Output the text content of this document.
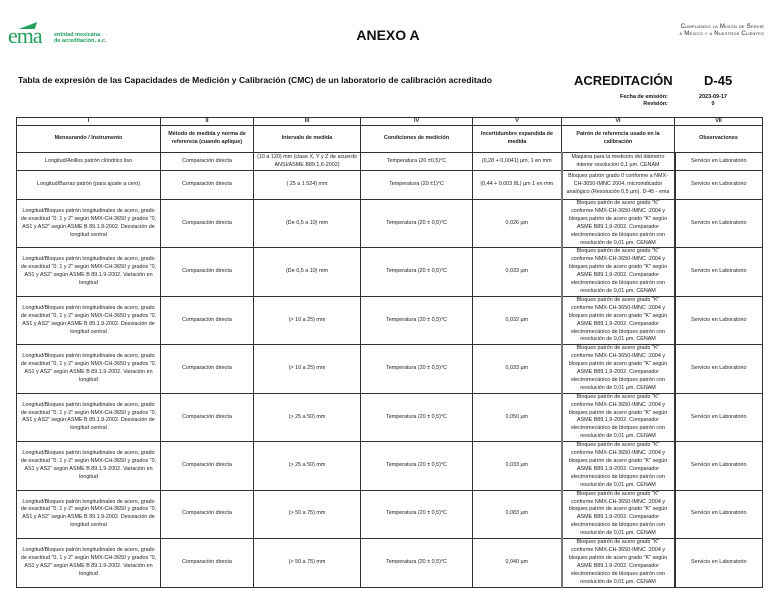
ema entidad mexicana
de acreditación, a.c.	ANEXO A	Cumpliendo la Misión de Servir
a México y a Nuestros Clientes
Tabla de expresión de las Capacidades de Medición y Calibración (CMC) de un laboratorio de calibración acreditado	ACREDITACIÓN D-45
Fecha de emisión:	2023-09-17
Revisión:	0
I	II	III	IV	V	VI	VII
Mensurando / Instrumento	Método de medida y norma de referencia (cuando aplique)	Intervalo de medida	Condiciones de medición	Incertidumbre expandida de medida	Patrón de referencia usado en la calibración	Observaciones
Longitud/Anillos patrón cilíndrico liso	Comparación directa	(10 a 120) mm (clase X, Y y Z de acuerdo ANSI/ASME B89.1.6-2002)	Temperatura (20 ±0,5)°C	(0,28 + 0,0041) µm, 1 en mm	Máquina para la medición del diámetro interior resolucion 0,1 µm. CENAM	Servicio en Laboratorio
Longitud/Barras patrón (para ajuste a cero)	Comparación directa	( 25 a 1 524) mm	Temperatura (20 ±1)°C	(0,44 + 0,003 8L) µm 1 en mm	Bloques patrón grado 0 conforme a NMX-CH-3650-IMNC 2004, microindicador analógico (Resolución 0,5 µm). D-45 - ema	Servicio en Laboratorio
Longitud/Bloques patrón longitudinales de acero, grado de exactitud "0, 1 y 2" según NMX-CH-3650 y grados "0, AS1 y AS2" según ASME B 89.1.9-2002. Desviación de longitud central	Comparación directa	(De 0,5 a 10) mm	Temperatura (20 ± 0,5)°C	0,026 µm	Bloques patrón de acero grado "K" conforme NMX-CH-3650-IMNC :2004 y bloques patrón de acero grado "K" según ASME B89.1.9-2002. Comparador electromecánico de bloques patrón con resolución de 0,01 µm. CENAM	Servicio en Laboratorio
Longitud/Bloques patrón longitudinales de acero, grado de exactitud "0, 1 y 2" según NMX-CH-3650 y grados "0, AS1 y AS2" según ASME B 89.1.9-2002. Variación en longitud	Comparación directa	(De 0,5 a 10) mm	Temperatura (20 ± 0,5)°C	0,033 µm	Bloques patrón de acero grado "K" conforme NMX-CH-3650-IMNC :2004 y bloques patrón de acero grado "K" según ASME B89.1.9-2002. Comparador electromecánico de bloques patrón con resolución de 0,01 µm. CENAM	Servicio en Laboratorio
Longitud/Bloques patrón longitudinales de acero, grado de exactitud "0, 1 y 2" según NMX-CH-3650 y grados "0, AS1 y AS2" según ASME B 89.1.9-2002. Desviación de longitud central	Comparación directa	(> 10 a 25) mm	Temperatura (20 ± 0,5)°C	0,032 µm	Bloques patrón de acero grado "K" conforme NMX-CH-3650-IMNC :2004 y bloques patrón de acero grado "K" según ASME B89.1.9-2002. Comparador electromecánico de bloques patrón con resolución de 0,01 µm. CENAM	Servicio en Laboratorio
Longitud/Bloques patrón longitudinales de acero, grado de exactitud "0, 1 y 2" según NMX-CH-3650 y grados "0, AS1 y AS2" según ASME B 89.1.9-2002. Variación en longitud	Comparación directa	(> 10 a 25) mm	Temperatura (20 ± 0,5)°C	0,033 µm	Bloques patrón de acero grado "K" conforme NMX-CH-3650-IMNC :2004 y bloques patrón de acero grado "K" según ASME B89.1.9-2002. Comparador electromecánico de bloques patrón con resolución de 0,01 µm. CENAM	Servicio en Laboratorio
Longitud/Bloques patrón longitudinales de acero, grado de exactitud "0, 1 y 2" según NMX-CH-3650 y grados "0, AS1 y AS2" según ASME B 89.1.9-2002. Desviación de longitud central	Comparación directa	(> 25 a 50) mm	Temperatura (20 ± 0,5)°C	0,050 µm	Bloques patrón de acero grado "K" conforme NMX-CH-3650-IMNC :2004 y bloques patrón de acero grado "K" según ASME B89.1.9-2002. Comparador electromecánico de bloques patrón con resolución de 0,01 µm. CENAM	Servicio en Laboratorio
Longitud/Bloques patrón longitudinales de acero, grado de exactitud "0, 1 y 2" según NMX-CH-3650 y grados "0, AS1 y AS2" según ASME B 89.1.9-2002. Variación en longitud	Comparación directa	(> 25 a 50) mm	Temperatura (20 ± 0,5)°C	0,033 µm	Bloques patrón de acero grado "K" conforme NMX-CH-3650-IMNC :2004 y bloques patrón de acero grado "K" según ASME B89.1.9-2002. Comparador electromecánico de bloques patrón con resolución de 0,01 µm. CENAM	Servicio en Laboratorio
Longitud/Bloques patrón longitudinales de acero, grado de exactitud "0, 1 y 2" según NMX-CH-3650 y grados "0, AS1 y AS2" según ASME B 89.1.9-2002. Desviación de longitud central	Comparación directa	(> 50 a 75) mm	Temperatura (20 ± 0,5)°C	0,083 µm	Bloques patrón de acero grado "K" conforme NMX-CH-3650-IMNC :2004 y bloques patrón de acero grado "K" según ASME B89.1.9-2002. Comparador electromecánico de bloques patrón con resolución de 0,01 µm. CENAM	Servicio en Laboratorio
Longitud/Bloques patrón longitudinales de acero, grado de exactitud "0, 1 y 2" según NMX-CH-3650 y grados "0, AS1 y AS2" según ASME B 89.1.9-2002. Variación en longitud	Comparación directa	(> 50 a 75) mm	Temperatura (20 ± 0,5)°C	0,040 µm	Bloques patrón de acero grado "K" conforme NMX-CH-3650-IMNC :2004 y bloques patrón de acero grado "K" según ASME B89.1.9-2002. Comparador electromecánico de bloques patrón con resolución de 0,01 µm. CENAM	Servicio en Laboratorio
